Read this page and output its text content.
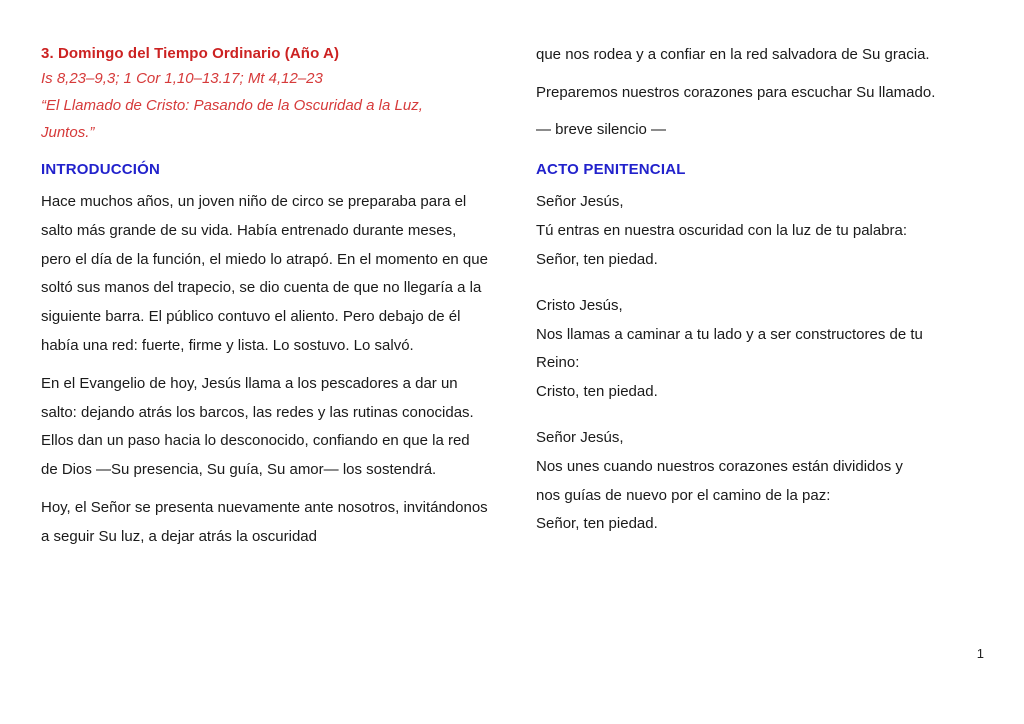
3. Domingo del Tiempo Ordinario (Año A)
Is 8,23–9,3; 1 Cor 1,10–13.17; Mt 4,12–23
“El Llamado de Cristo: Pasando de la Oscuridad a la Luz,
Juntos.”
INTRODUCCIÓN

Hace muchos años, un joven niño de circo se preparaba para el salto más grande de su vida. Había entrenado durante meses, pero el día de la función, el miedo lo atrapó. En el momento en que soltó sus manos del trapecio, se dio cuenta de que no llegaría a la siguiente barra. El público contuvo el aliento. Pero debajo de él había una red: fuerte, firme y lista. Lo sostuvo. Lo salvó.

En el Evangelio de hoy, Jesús llama a los pescadores a dar un salto: dejando atrás los barcos, las redes y las rutinas conocidas. Ellos dan un paso hacia lo desconocido, confiando en que la red de Dios —Su presencia, Su guía, Su amor— los sostendrá.

Hoy, el Señor se presenta nuevamente ante nosotros, invitándonos a seguir Su luz, a dejar atrás la oscuridad

que nos rodea y a confiar en la red salvadora de Su gracia.

Preparemos nuestros corazones para escuchar Su llamado.

— breve silencio —

ACTO PENITENCIAL
Señor Jesús,
Tú entras en nuestra oscuridad con la luz de tu palabra:
Señor, ten piedad.
Cristo Jesús,
Nos llamas a caminar a tu lado y a ser constructores de tu
Reino:
Cristo, ten piedad.
Señor Jesús,
Nos unes cuando nuestros corazones están divididos y
nos guías de nuevo por el camino de la paz:
Señor, ten piedad.
1
